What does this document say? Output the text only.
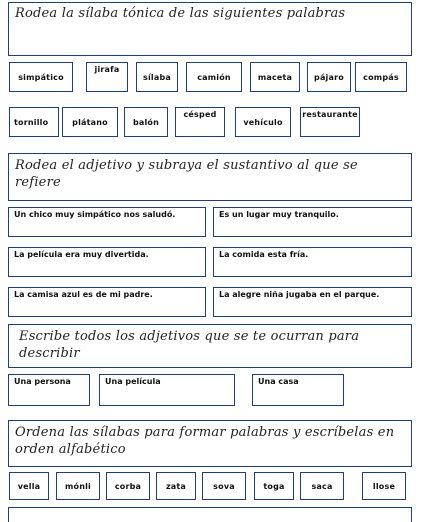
Rodea la sílaba tónica de las siguientes palabras
simpático
jirafa
sílaba	camión	maceta	pájaro compás
tornillo	plátano	balón
césped
vehículo
restaurante
Rodea el adjetivo y subraya el sustantivo al que se refiere
Un chico muy simpático nos saludó.	Es un lugar muy tranquilo.
La película era muy divertida.	La comida esta fría.
La camisa azul es de mi padre.	La alegre niña jugaba en el parque.
Escribe todos los adjetivos que se te ocurran para describir
Una persona	Una película	Una casa
Ordena las sílabas para formar palabras y escríbelas en orden alfabético
vella	mónli	corba	zata	sova	toga	saca	llose
